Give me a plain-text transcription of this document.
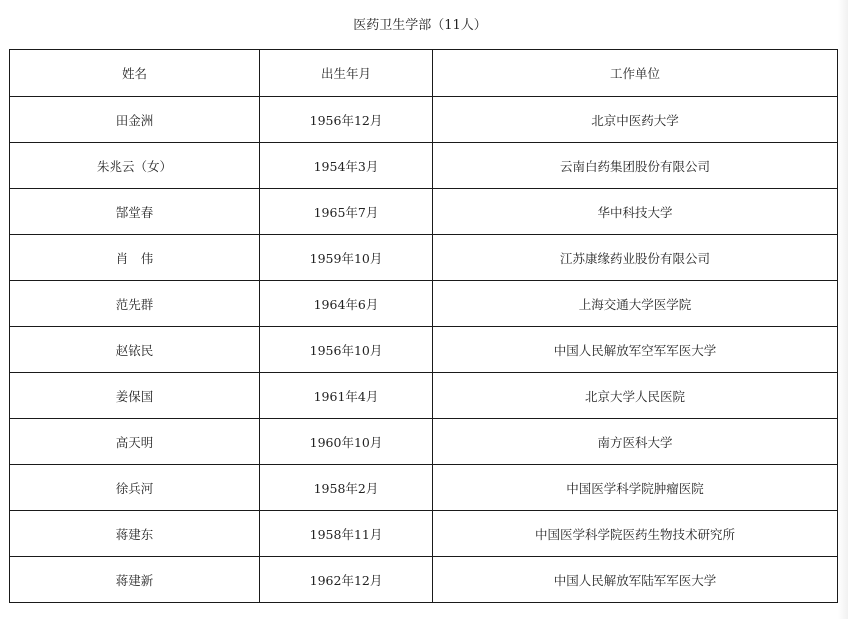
医药卫生学部（11人）
姓名	出生年月	工作单位
田金洲	1956年12月	北京中医药大学
朱兆云（女）	1954年3月	云南白药集团股份有限公司
郜堂春	1965年7月	华中科技大学
肖　伟	1959年10月	江苏康缘药业股份有限公司
范先群	1964年6月	上海交通大学医学院
赵铱民	1956年10月	中国人民解放军空军军医大学
姜保国	1961年4月	北京大学人民医院
高天明	1960年10月	南方医科大学
徐兵河	1958年2月	中国医学科学院肿瘤医院
蒋建东	1958年11月	中国医学科学院医药生物技术研究所
蒋建新	1962年12月	中国人民解放军陆军军医大学
